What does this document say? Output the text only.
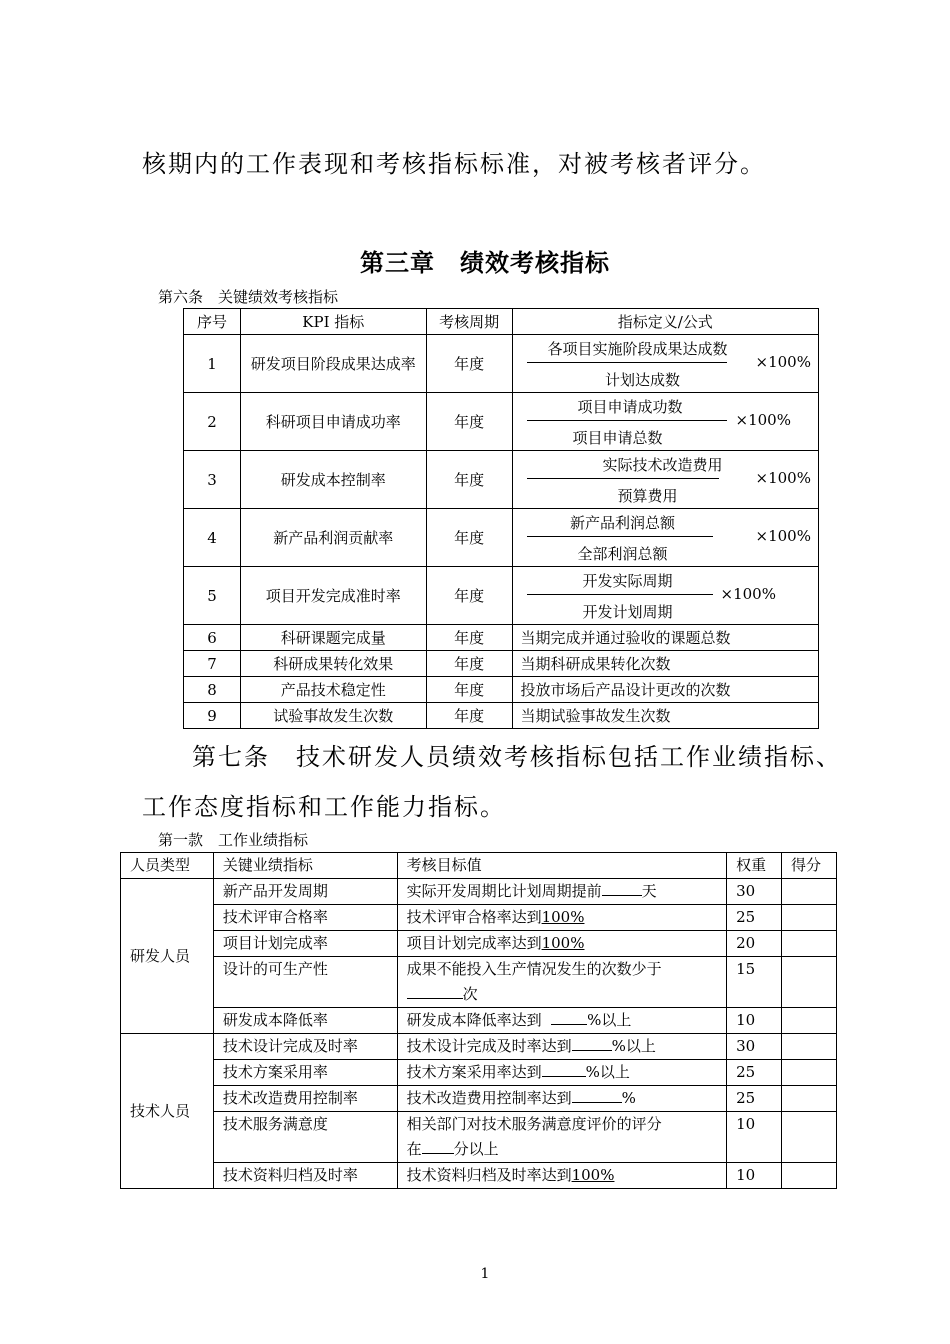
核期内的工作表现和考核指标标准，对被考核者评分。
第三章　绩效考核指标
第六条　关键绩效考核指标
序号	KPI 指标	考核周期	指标定义/公式
1	研发项目阶段成果达成率	年度	各项目实施阶段成果达成数
计划达成数
×100%

2	科研项目申请成功率	年度	项目申请成功数
项目申请总数
×100%

3	研发成本控制率	年度	实际技术改造费用
预算费用
×100%

4	新产品利润贡献率	年度	新产品利润总额
全部利润总额
×100%

5	项目开发完成准时率	年度	开发实际周期
开发计划周期
×100%

6	科研课题完成量	年度	当期完成并通过验收的课题总数
7	科研成果转化效果	年度	当期科研成果转化次数
8	产品技术稳定性	年度	投放市场后产品设计更改的次数
9	试验事故发生次数	年度	当期试验事故发生次数
第七条　技术研发人员绩效考核指标包括工作业绩指标、
工作态度指标和工作能力指标。
第一款　工作业绩指标
人员类型	关键业绩指标	考核目标值	权重	得分
研发人员	新产品开发周期	实际开发周期比计划周期提前 天	30	
	技术评审合格率	技术评审合格率达到100%	25	
	项目计划完成率	项目计划完成率达到100%	20	
	设计的可生产性	成果不能投入生产情况发生的次数少于
次	15	
	研发成本降低率	研发成本降低率达到 %以上	10	
技术人员	技术设计完成及时率	技术设计完成及时率达到 %以上	30	
	技术方案采用率	技术方案采用率达到 %以上	25	
	技术改造费用控制率	技术改造费用控制率达到 %	25	
	技术服务满意度	相关部门对技术服务满意度评价的评分
在 分以上	10	
	技术资料归档及时率	技术资料归档及时率达到100%	10	
1
